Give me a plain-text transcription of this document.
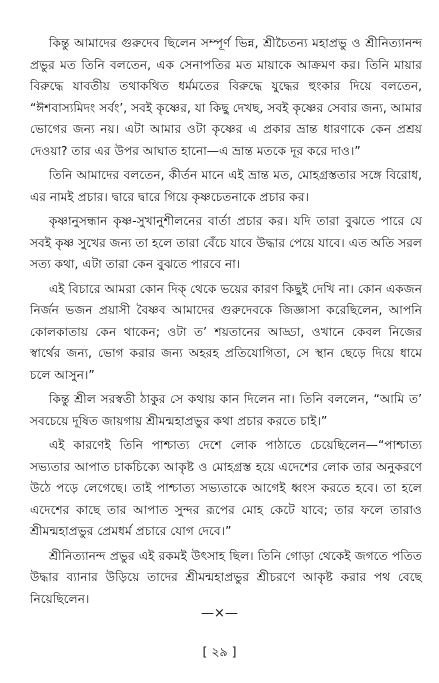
কিন্তু আমাদের গুরুদেব ছিলেন সম্পূর্ণ ভিন্ন, শ্রীচৈতন্য মহাপ্রভু ও শ্রীনিত্যানন্দ প্রভুর মত তিনি বলতেন, এক সেনাপতির মত মায়াকে আক্রমণ কর। তিনি মায়ার বিরুদ্ধে যাবতীয় তথাকথিত ধর্মমতের বিরুদ্ধে যুদ্ধের হুংকার দিয়ে বলতেন, “ঈশবাস্যমিদং সর্বং’, সবই কৃষ্ণের, যা কিছু দেখছ, সবই কৃষ্ণের সেবার জন্য, আমার ভোগের জন্য নয়। এটা আমার ওটা কৃষ্ণের এ প্রকার ভ্রান্ত ধারণাকে কেন প্রশ্রয় দেওয়া? তার এর উপর আঘাত হানো—এ ভ্রান্ত মতকে দূর করে দাও।”

তিনি আমাদের বলতেন, কীর্তন মানে এই ভ্রান্ত মত, মোহগ্রস্ততার সঙ্গে বিরোধ, এর নামই প্রচার। দ্বারে দ্বারে গিয়ে কৃষ্ণচেতনাকে প্রচার কর।

কৃষ্ণানুসন্ধান কৃষ্ণ-সুখানুশীলনের বার্তা প্রচার কর। যদি তারা বুঝতে পারে যে সবই কৃষ্ণ সুখের জন্য তা হলে তারা বেঁচে যাবে উদ্ধার পেয়ে যাবে। এত অতি সরল সত্য কথা, এটা তারা কেন বুঝতে পারবে না।

এই বিচারে আমরা কোন দিক্‌ থেকে ভয়ের কারণ কিছুই দেখি না। কোন একজন নির্জন ভজন প্রয়াসী বৈষ্ণব আমাদের গুরুদেবকে জিজ্ঞাসা করেছিলেন, আপনি কোলকাতায় কেন থাকেন; ওটা ত’ শয়তানের আড্ডা, ওখানে কেবল নিজের স্বার্থের জন্য, ভোগ করার জন্য অহরহ প্রতিযোগিতা, সে স্থান ছেড়ে দিয়ে ধামে চলে আসুন।”

কিন্তু শ্রীল সরস্বতী ঠাকুর সে কথায় কান দিলেন না। তিনি বললেন, “আমি ত’ সবচেয়ে দূষিত জায়গায় শ্রীমন্মহাপ্রভুর কথা প্রচার করতে চাই।”

এই কারণেই তিনি পাশ্চাত্য দেশে লোক পাঠাতে চেয়েছিলেন—“পাশ্চাত্য সভ্যতার আপাত চাকচিক্যে আকৃষ্ট ও মোহগ্রস্ত হয়ে এদেশের লোক তার অনুকরণে উঠে পড়ে লেগেছে। তাই পাশ্চাত্য সভ্যতাকে আগেই ধ্বংস করতে হবে। তা হলে এদেশের কাছে তার আপাত সুন্দর রূপের মোহ কেটে যাবে; তার ফলে তারাও শ্রীমন্মহাপ্রভুর প্রেমধর্ম প্রচারে যোগ দেবে।”

শ্রীনিত্যানন্দ প্রভুর এই রকমই উৎসাহ ছিল। তিনি গোড়া থেকেই জগতে পতিত উদ্ধার ব্যানার উড়িয়ে তাদের শ্রীমন্মহাপ্রভুর শ্রীচরণে আকৃষ্ট করার পথ বেছে নিয়েছিলেন।

—×—
[ ২৯ ]
